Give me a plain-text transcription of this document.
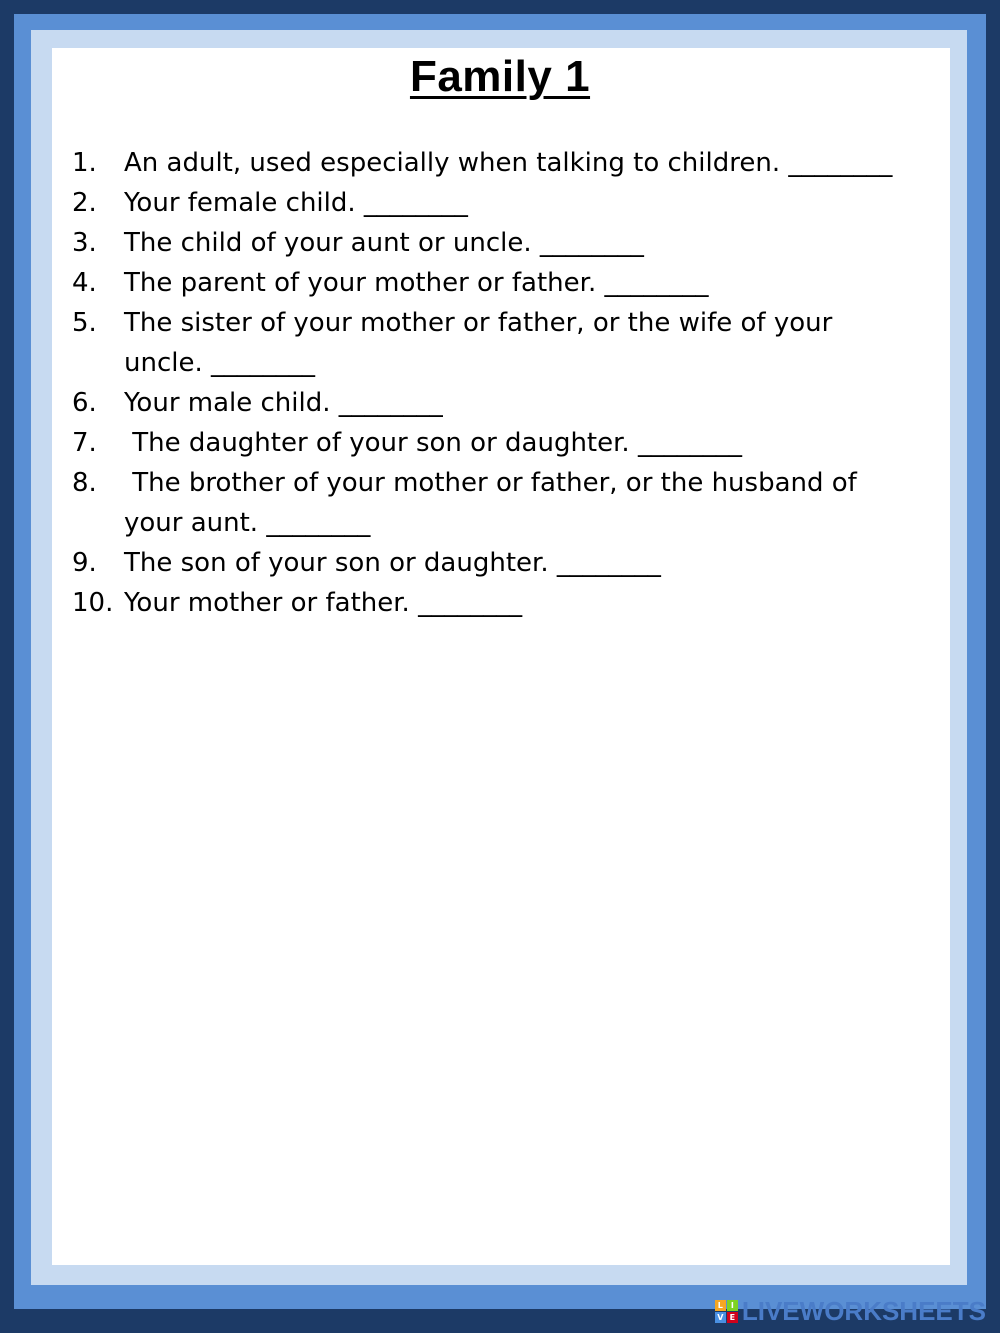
Family 1
1.	An adult, used especially when talking to children. ________
2.	Your female child. ________
3.	The child of your aunt or uncle. ________
4.	The parent of your mother or father. ________
5.	The sister of your mother or father, or the wife of your uncle. ________
6.	Your male child. ________
7.	The daughter of your son or daughter. ________
8.	The brother of your mother or father, or the husband of your aunt. ________
9.	The son of your son or daughter. ________
10. Your mother or father. ________
L I
V E LIVEWORKSHEETS
